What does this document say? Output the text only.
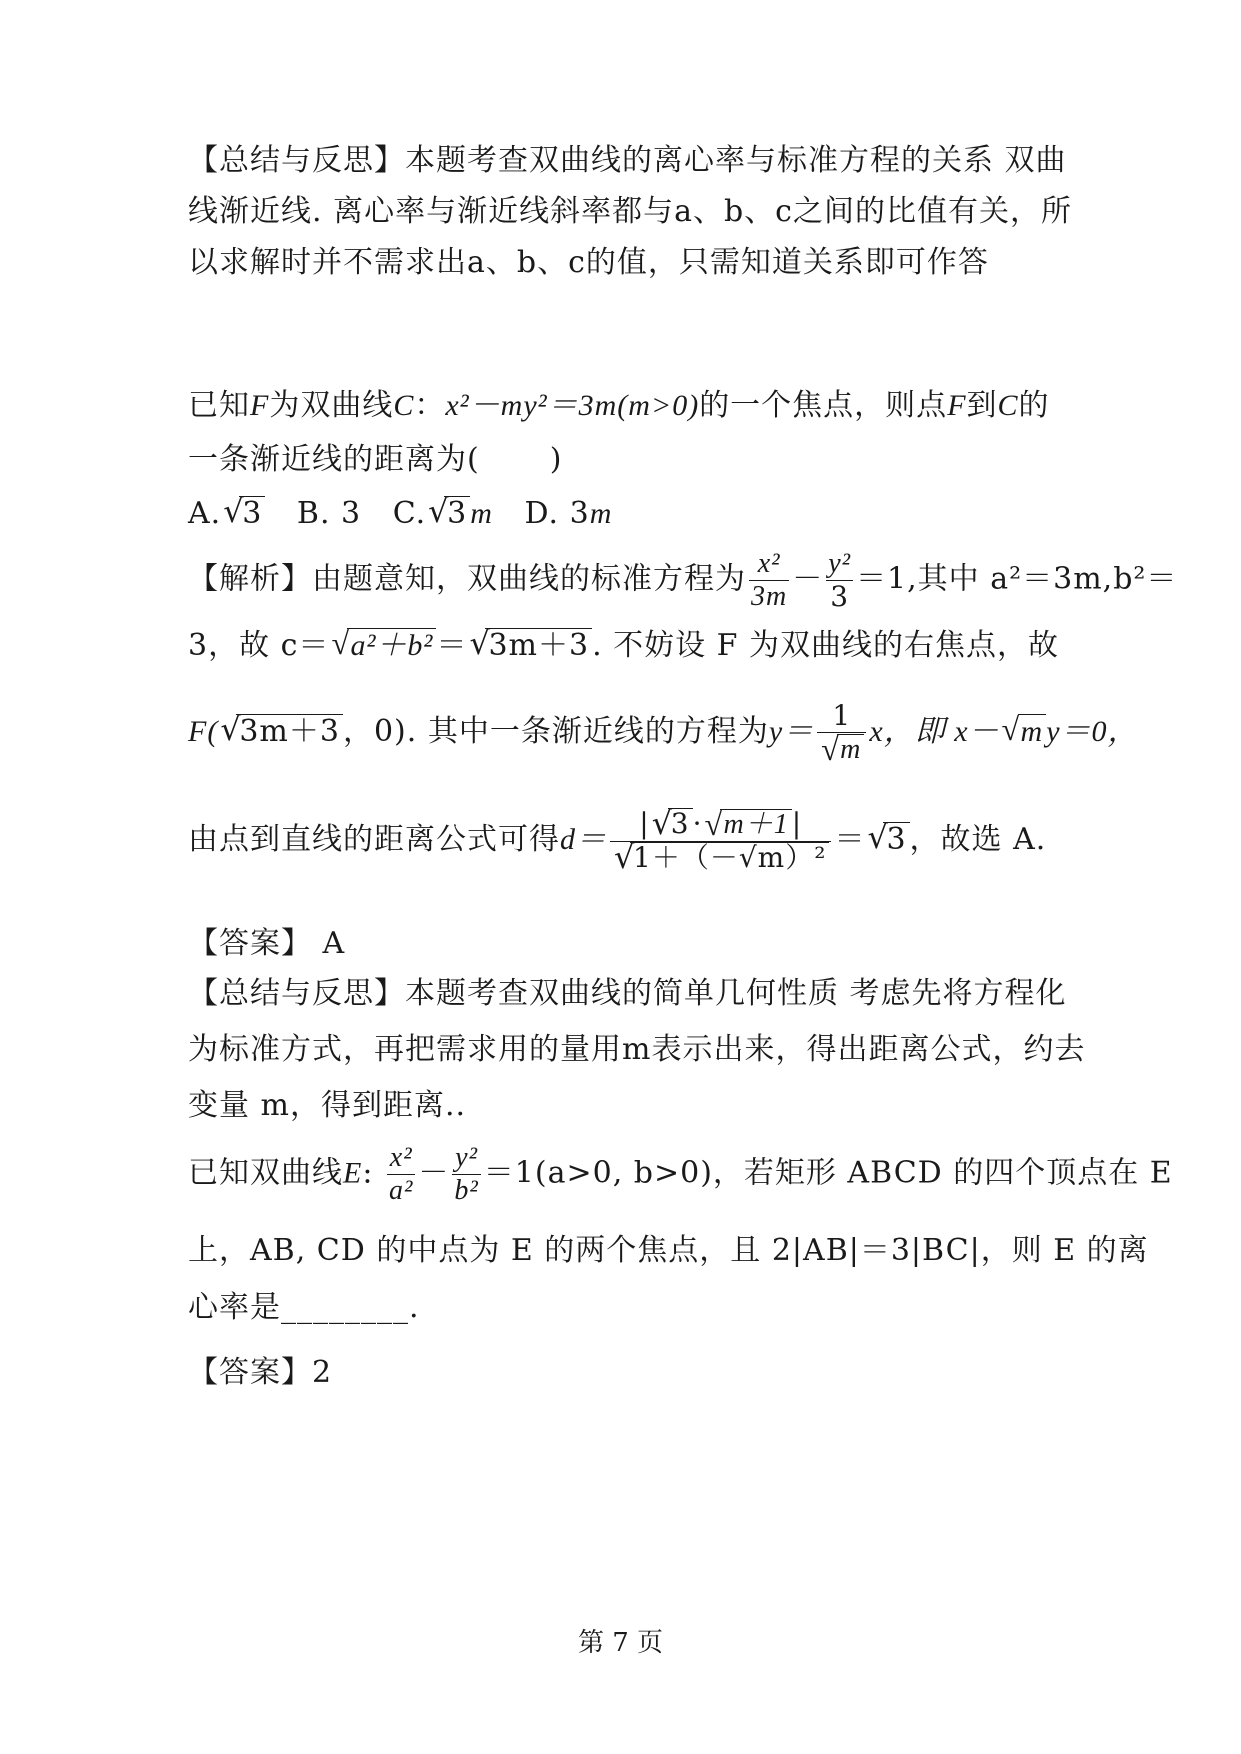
【总结与反思】本题考查双曲线的离心率与标准方程的关系 双曲
线渐近线. 离心率与渐近线斜率都与a、b、c之间的比值有关，所
以求解时并不需求出a、b、c的值，只需知道关系即可作答
已知F为双曲线C：x²－my²＝3m(m>0)的一个焦点，则点F到C的
一条渐近线的距离为( )
A. √ 3 B. 3 C. √ 3 m D. 3m
【解析】由题意知，双曲线的标准方程为 $\frac{\text{x²}}{3m} - \frac{\text{y²}}{3} =1$,其中 a²＝3m,b²＝
3，故 c＝ √ a²＋b² ＝ √ 3m＋3 . 不妨设 F 为双曲线的右焦点，故
F( √ 3m＋3 ，0). 其中一条渐近线的方程为y＝ 1
√ m x，即 x－ √ m y＝0，
由点到直线的距离公式可得d＝ | √ 3 · √ m＋1 |
√ 1＋（－√m）² ＝ √ 3 ，故选 A.
【答案】 A
【总结与反思】本题考查双曲线的简单几何性质 考虑先将方程化
为标准方式，再把需求用的量用m表示出来，得出距离公式，约去
变量 m，得到距离..
已知双曲线E: $\frac{\text{x²}}{\text{a²}} - \frac{\text{y²}}{\text{b²}} =1(a>0$, b>0)，若矩形 ABCD 的四个顶点在 E
上，AB, CD 的中点为 E 的两个焦点，且 2|AB|＝3|BC|，则 E 的离
心率是________.
【答案】2
第 7 页
